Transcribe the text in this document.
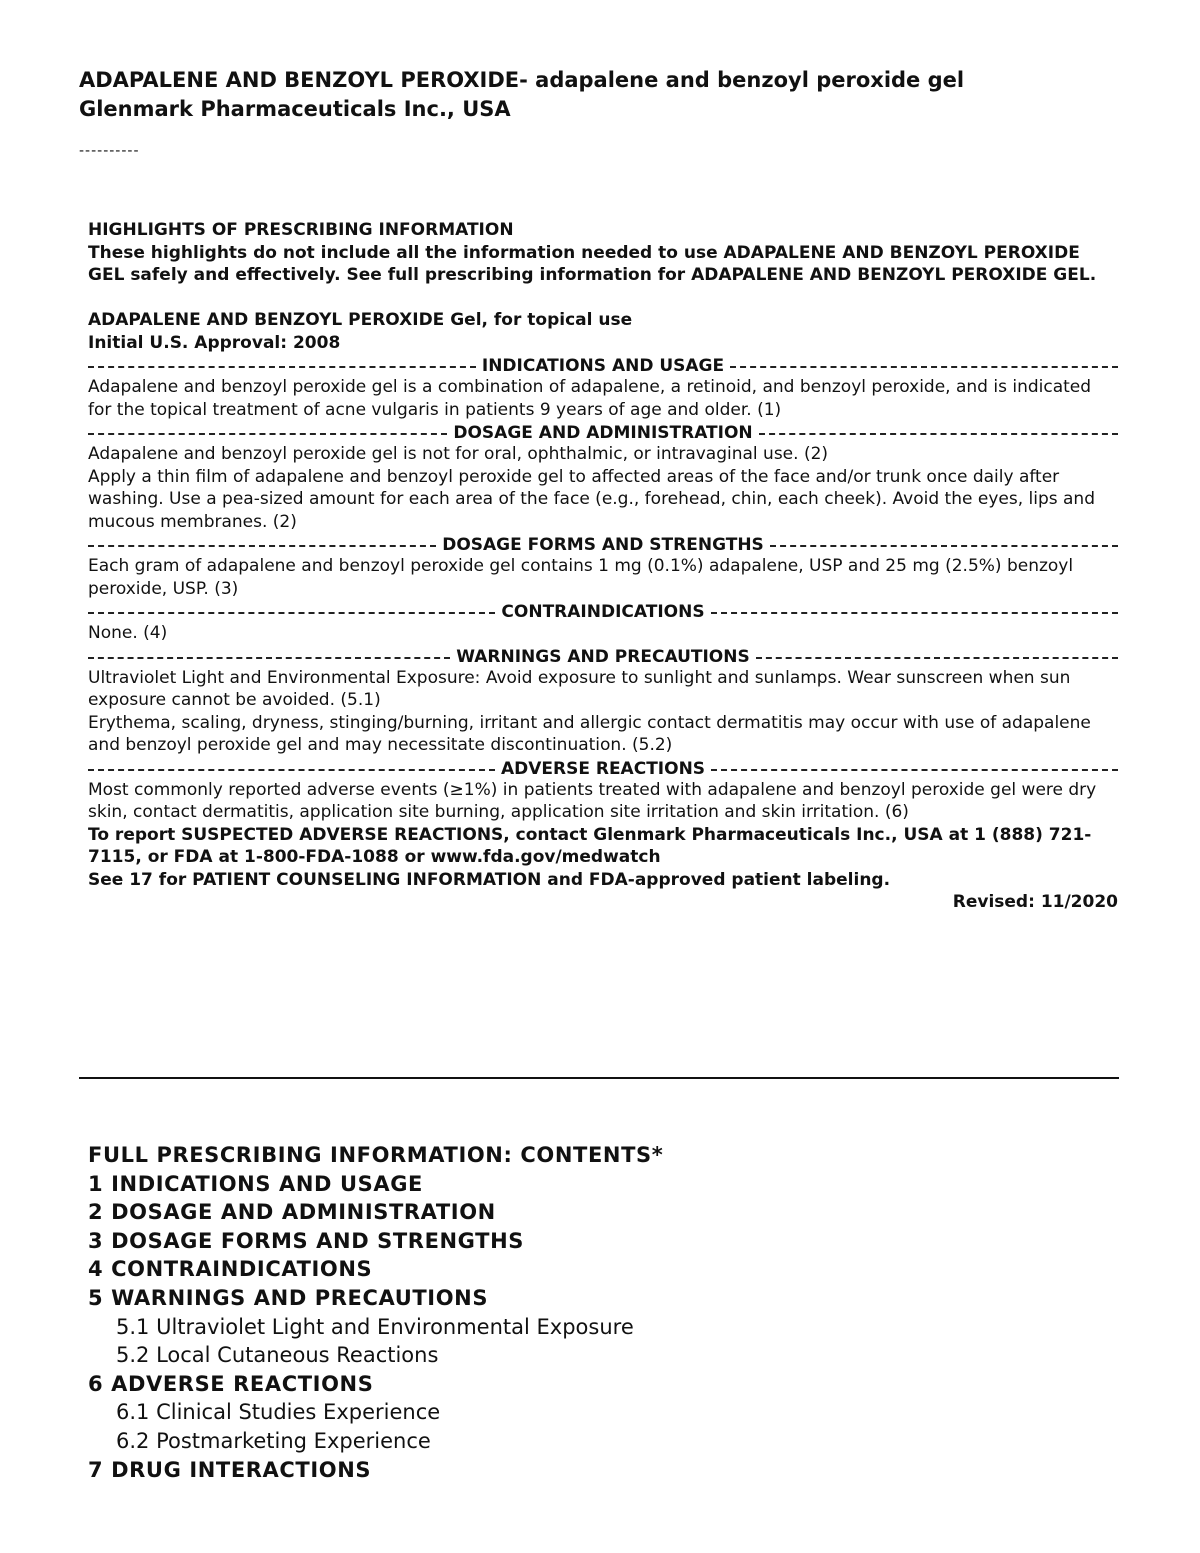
ADAPALENE AND BENZOYL PEROXIDE- adapalene and benzoyl peroxide gel
Glenmark Pharmaceuticals Inc., USA
----------

HIGHLIGHTS OF PRESCRIBING INFORMATION

These highlights do not include all the information needed to use ADAPALENE AND BENZOYL PEROXIDE GEL safely and effectively. See full prescribing information for ADAPALENE AND BENZOYL PEROXIDE GEL.

ADAPALENE AND BENZOYL PEROXIDE Gel, for topical use

Initial U.S. Approval: 2008

INDICATIONS AND USAGE

Adapalene and benzoyl peroxide gel is a combination of adapalene, a retinoid, and benzoyl peroxide, and is indicated for the topical treatment of acne vulgaris in patients 9 years of age and older. (1)

DOSAGE AND ADMINISTRATION

Adapalene and benzoyl peroxide gel is not for oral, ophthalmic, or intravaginal use. (2)

Apply a thin film of adapalene and benzoyl peroxide gel to affected areas of the face and/or trunk once daily after washing. Use a pea-sized amount for each area of the face (e.g., forehead, chin, each cheek). Avoid the eyes, lips and mucous membranes. (2)

DOSAGE FORMS AND STRENGTHS

Each gram of adapalene and benzoyl peroxide gel contains 1 mg (0.1%) adapalene, USP and 25 mg (2.5%) benzoyl peroxide, USP. (3)

CONTRAINDICATIONS

None. (4)

WARNINGS AND PRECAUTIONS

Ultraviolet Light and Environmental Exposure: Avoid exposure to sunlight and sunlamps. Wear sunscreen when sun exposure cannot be avoided. (5.1)

Erythema, scaling, dryness, stinging/burning, irritant and allergic contact dermatitis may occur with use of adapalene and benzoyl peroxide gel and may necessitate discontinuation. (5.2)

ADVERSE REACTIONS

Most commonly reported adverse events (≥1%) in patients treated with adapalene and benzoyl peroxide gel were dry skin, contact dermatitis, application site burning, application site irritation and skin irritation. (6)

To report SUSPECTED ADVERSE REACTIONS, contact Glenmark Pharmaceuticals Inc., USA at 1 (888) 721-7115, or FDA at 1-800-FDA-1088 or www.fda.gov/medwatch

See 17 for PATIENT COUNSELING INFORMATION and FDA-approved patient labeling.

Revised: 11/2020

FULL PRESCRIBING INFORMATION: CONTENTS*
1 INDICATIONS AND USAGE
2 DOSAGE AND ADMINISTRATION
3 DOSAGE FORMS AND STRENGTHS
4 CONTRAINDICATIONS
5 WARNINGS AND PRECAUTIONS
5.1 Ultraviolet Light and Environmental Exposure
5.2 Local Cutaneous Reactions
6 ADVERSE REACTIONS
6.1 Clinical Studies Experience
6.2 Postmarketing Experience
7 DRUG INTERACTIONS
